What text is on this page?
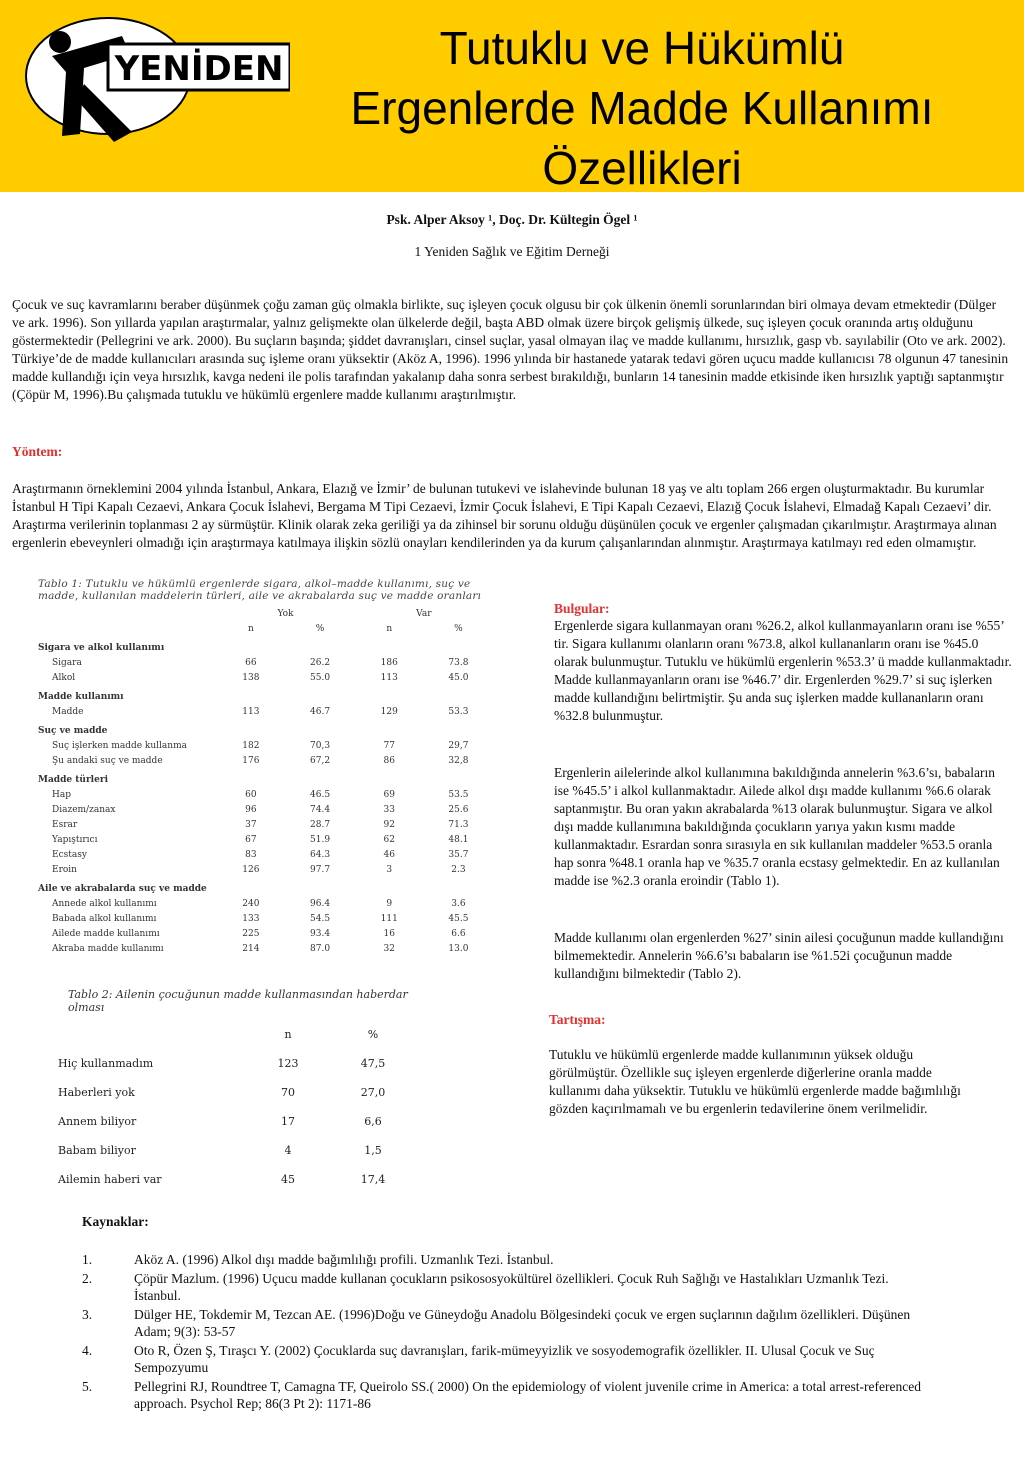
YENİDEN	Tutuklu ve Hükümlü
Ergenlerde Madde Kullanımı
Özellikleri
Psk. Alper Aksoy ¹, Doç. Dr. Kültegin Ögel ¹
1 Yeniden Sağlık ve Eğitim Derneği

Çocuk ve suç kavramlarını beraber düşünmek çoğu zaman güç olmakla birlikte, suç işleyen çocuk olgusu bir çok ülkenin önemli sorunlarından biri olmaya devam etmektedir (Dülger ve ark. 1996). Son yıllarda yapılan araştırmalar, yalnız gelişmekte olan ülkelerde değil, başta ABD olmak üzere birçok gelişmiş ülkede, suç işleyen çocuk oranında artış olduğunu göstermektedir (Pellegrini ve ark. 2000). Bu suçların başında; şiddet davranışları, cinsel suçlar, yasal olmayan ilaç ve madde kullanımı, hırsızlık, gasp vb. sayılabilir (Oto ve ark. 2002). Türkiye’de de madde kullanıcıları arasında suç işleme oranı yüksektir (Aköz A, 1996). 1996 yılında bir hastanede yatarak tedavi gören uçucu madde kullanıcısı 78 olgunun 47 tanesinin madde kullandığı için veya hırsızlık, kavga nedeni ile polis tarafından yakalanıp daha sonra serbest bırakıldığı, bunların 14 tanesinin madde etkisinde iken hırsızlık yaptığı saptanmıştır (Çöpür M, 1996).Bu çalışmada tutuklu ve hükümlü ergenlere madde kullanımı araştırılmıştır.

Yöntem:

Araştırmanın örneklemini 2004 yılında İstanbul, Ankara, Elazığ ve İzmir’ de bulunan tutukevi ve islahevinde bulunan 18 yaş ve altı toplam 266 ergen oluşturmaktadır. Bu kurumlar İstanbul H Tipi Kapalı Cezaevi, Ankara Çocuk İslahevi, Bergama M Tipi Cezaevi, İzmir Çocuk İslahevi, E Tipi Kapalı Cezaevi, Elazığ Çocuk İslahevi, Elmadağ Kapalı Cezaevi’ dir. Araştırma verilerinin toplanması 2 ay sürmüştür. Klinik olarak zeka geriliği ya da zihinsel bir sorunu olduğu düşünülen çocuk ve ergenler çalışmadan çıkarılmıştır. Araştırmaya alınan ergenlerin ebeveynleri olmadığı için araştırmaya katılmaya ilişkin sözlü onayları kendilerinden ya da kurum çalışanlarından alınmıştır. Araştırmaya katılmayı red eden olmamıştır.

Tablo 1: Tutuklu ve hükümlü ergenlerde sigara, alkol–madde kullanımı, suç ve madde, kullanılan maddelerin türleri, aile ve akrabalarda suç ve madde oranları

	Yok		Var	
	n	%	n	%
Sigara ve alkol kullanımı				
Sigara	66	26.2	186	73.8
Alkol	138	55.0	113	45.0
Madde kullanımı				
Madde	113	46.7	129	53.3
Suç ve madde				
Suç işlerken madde kullanma	182	70,3	77	29,7
Şu andaki suç ve madde	176	67,2	86	32,8
Madde türleri				
Hap	60	46.5	69	53.5
Diazem/zanax	96	74.4	33	25.6
Esrar	37	28.7	92	71.3
Yapıştırıcı	67	51.9	62	48.1
Ecstasy	83	64.3	46	35.7
Eroin	126	97.7	3	2.3
Aile ve akrabalarda suç ve madde				
Annede alkol kullanımı	240	96.4	9	3.6
Babada alkol kullanımı	133	54.5	111	45.5
Ailede madde kullanımı	225	93.4	16	6.6
Akraba madde kullanımı	214	87.0	32	13.0

Tablo 2: Ailenin çocuğunun madde kullanmasından haberdar olması

	n	%
Hiç kullanmadım	123	47,5
Haberleri yok	70	27,0
Annem biliyor	17	6,6
Babam biliyor	4	1,5
Ailemin haberi var	45	17,4
Bulgular:

Ergenlerde sigara kullanmayan oranı %26.2, alkol kullanmayanların oranı ise %55’ tir. Sigara kullanımı olanların oranı %73.8, alkol kullananların oranı ise %45.0 olarak bulunmuştur. Tutuklu ve hükümlü ergenlerin %53.3’ ü madde kullanmaktadır. Madde kullanmayanların oranı ise %46.7’ dir. Ergenlerden %29.7’ si suç işlerken madde kullandığını belirtmiştir. Şu anda suç işlerken madde kullananların oranı %32.8 bulunmuştur.

Ergenlerin ailelerinde alkol kullanımına bakıldığında annelerin %3.6’sı, babaların ise %45.5’ i alkol kullanmaktadır. Ailede alkol dışı madde kullanımı %6.6 olarak saptanmıştır. Bu oran yakın akrabalarda %13 olarak bulunmuştur. Sigara ve alkol dışı madde kullanımına bakıldığında çocukların yarıya yakın kısmı madde kullanmaktadır. Esrardan sonra sırasıyla en sık kullanılan maddeler %53.5 oranla hap sonra %48.1 oranla hap ve %35.7 oranla ecstasy gelmektedir. En az kullanılan madde ise %2.3 oranla eroindir (Tablo 1).

Madde kullanımı olan ergenlerden %27’ sinin ailesi çocuğunun madde kullandığını bilmemektedir. Annelerin %6.6’sı babaların ise %1.52i çocuğunun madde kullandığını bilmektedir (Tablo 2).

Tartışma:

Tutuklu ve hükümlü ergenlerde madde kullanımının yüksek olduğu görülmüştür. Özellikle suç işleyen ergenlerde diğerlerine oranla madde kullanımı daha yüksektir. Tutuklu ve hükümlü ergenlerde madde bağımlılığı gözden kaçırılmamalı ve bu ergenlerin tedavilerine önem verilmelidir.

Kaynaklar:
1.	Aköz A. (1996) Alkol dışı madde bağımlılığı profili. Uzmanlık Tezi. İstanbul.
2.	Çöpür Mazlum. (1996) Uçucu madde kullanan çocukların psikososyokültürel özellikleri. Çocuk Ruh Sağlığı ve Hastalıkları Uzmanlık Tezi. İstanbul.
3.	Dülger HE, Tokdemir M, Tezcan AE. (1996)Doğu ve Güneydoğu Anadolu Bölgesindeki çocuk ve ergen suçlarının dağılım özellikleri. Düşünen Adam; 9(3): 53-57
4.	Oto R, Özen Ş, Tıraşcı Y. (2002) Çocuklarda suç davranışları, farik-mümeyyizlik ve sosyodemografik özellikler. II. Ulusal Çocuk ve Suç Sempozyumu
5.	Pellegrini RJ, Roundtree T, Camagna TF, Queirolo SS.( 2000) On the epidemiology of violent juvenile crime in America: a total arrest-referenced approach. Psychol Rep; 86(3 Pt 2): 1171-86
